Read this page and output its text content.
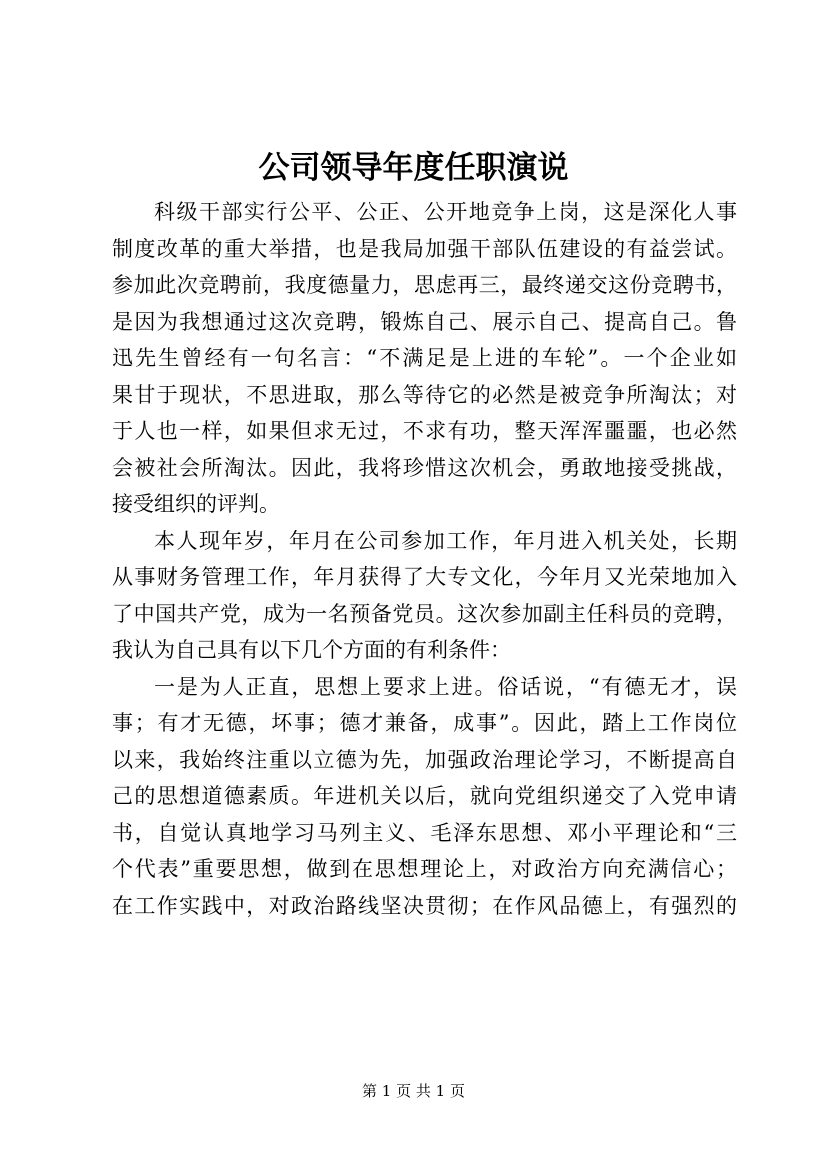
公司领导年度任职演说
科级干部实行公平、公正、公开地竞争上岗，这是深化人事
制度改革的重大举措，也是我局加强干部队伍建设的有益尝试。
参加此次竞聘前，我度德量力，思虑再三，最终递交这份竞聘书，
是因为我想通过这次竞聘，锻炼自己、展示自己、提高自己。鲁
迅先生曾经有一句名言：“不满足是上进的车轮”。一个企业如
果甘于现状，不思进取，那么等待它的必然是被竞争所淘汰；对
于人也一样，如果但求无过，不求有功，整天浑浑噩噩，也必然
会被社会所淘汰。因此，我将珍惜这次机会，勇敢地接受挑战，
接受组织的评判。
本人现年岁，年月在公司参加工作，年月进入机关处，长期
从事财务管理工作，年月获得了大专文化，今年月又光荣地加入
了中国共产党，成为一名预备党员。这次参加副主任科员的竞聘，
我认为自己具有以下几个方面的有利条件：
一是为人正直，思想上要求上进。俗话说，“有德无才，误
事；有才无德，坏事；德才兼备，成事”。因此，踏上工作岗位
以来，我始终注重以立德为先，加强政治理论学习，不断提高自
己的思想道德素质。年进机关以后，就向党组织递交了入党申请
书，自觉认真地学习马列主义、毛泽东思想、邓小平理论和“三
个代表”重要思想，做到在思想理论上，对政治方向充满信心；
在工作实践中，对政治路线坚决贯彻；在作风品德上，有强烈的
第 1 页 共 1 页
